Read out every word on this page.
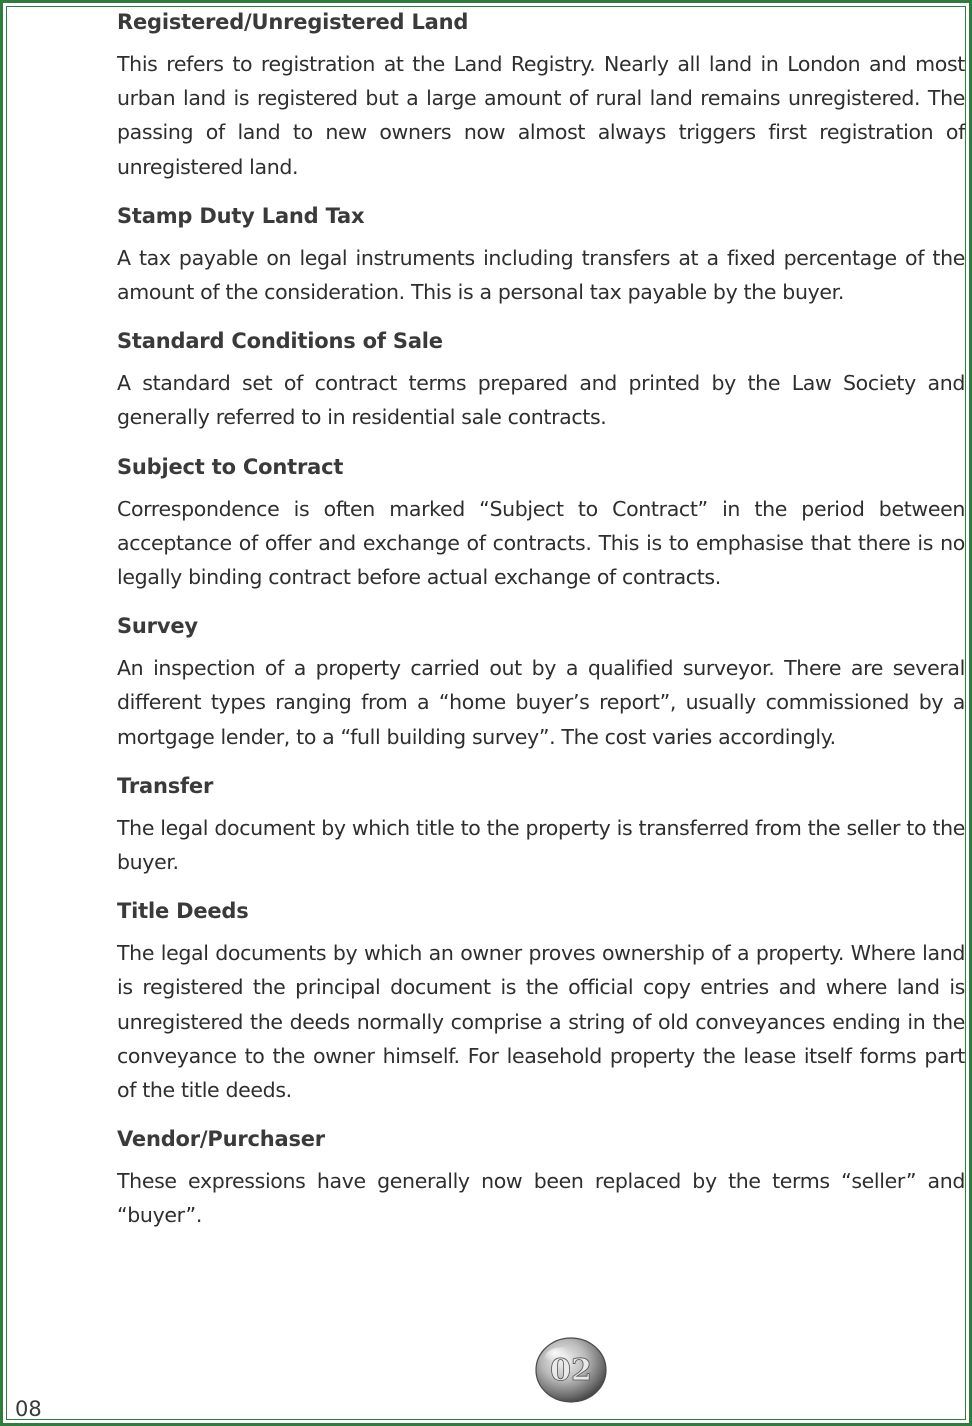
Registered/Unregistered Land

This refers to registration at the Land Registry. Nearly all land in London and most urban land is registered but a large amount of rural land remains unregistered. The passing of land to new owners now almost always triggers first registration of unregistered land.

Stamp Duty Land Tax

A tax payable on legal instruments including transfers at a fixed percentage of the amount of the consideration. This is a personal tax payable by the buyer.

Standard Conditions of Sale

A standard set of contract terms prepared and printed by the Law Society and generally referred to in residential sale contracts.

Subject to Contract

Correspondence is often marked “Subject to Contract” in the period between acceptance of offer and exchange of contracts. This is to emphasise that there is no legally binding contract before actual exchange of contracts.

Survey

An inspection of a property carried out by a qualified surveyor. There are several different types ranging from a “home buyer’s report”, usually commissioned by a mortgage lender, to a “full building survey”. The cost varies accordingly.

Transfer

The legal document by which title to the property is transferred from the seller to the buyer.

Title Deeds

The legal documents by which an owner proves ownership of a property. Where land is registered the principal document is the official copy entries and where land is unregistered the deeds normally comprise a string of old conveyances ending in the conveyance to the owner himself. For leasehold property the lease itself forms part of the title deeds.

Vendor/Purchaser

These expressions have generally now been replaced by the terms “seller” and “buyer”.

02
08
